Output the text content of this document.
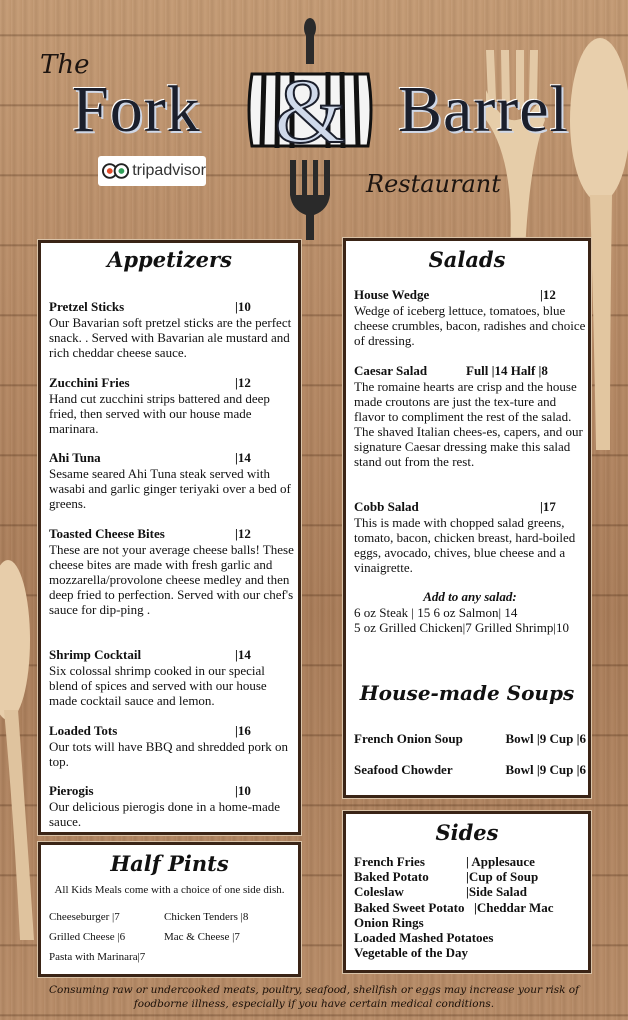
The &
Fork	Barrel
Restaurant
tripadvisor
Appetizers
Pretzel Sticks	|10
Our Bavarian soft pretzel sticks are the perfect snack. . Served with Bavarian ale mustard and rich cheddar cheese sauce.
Zucchini Fries	|12
Hand cut zucchini strips battered and deep fried, then served with our house made marinara.
Ahi Tuna	|14
Sesame seared Ahi Tuna steak served with wasabi and garlic ginger teriyaki over a bed of greens.
Toasted Cheese Bites	|12
These are not your average cheese balls! These cheese bites are made with fresh garlic and mozzarella/provolone cheese medley and then deep fried to perfection. Served with our chef's sauce for dip-ping .
Shrimp Cocktail	|14
Six colossal shrimp cooked in our special blend of spices and served with our house made cocktail sauce and lemon.
Loaded Tots	|16
Our tots will have BBQ and shredded pork on top.
Pierogis	|10
Our delicious pierogis done in a home-made sauce.
Salads
House Wedge	|12
Wedge of iceberg lettuce, tomatoes, blue cheese crumbles, bacon, radishes and choice of dressing.
Caesar Salad	Full |14 Half |8
The romaine hearts are crisp and the house made croutons are just the tex-ture and flavor to compliment the rest of the salad. The shaved Italian chees-es, capers, and our signature Caesar dressing make this salad stand out from the rest.
Cobb Salad	|17
This is made with chopped salad greens, tomato, bacon, chicken breast, hard-boiled eggs, avocado, chives, blue cheese and a vinaigrette.
Add to any salad:
6 oz Steak | 15 6 oz Salmon| 14
5 oz Grilled Chicken|7 Grilled Shrimp|10
House-made Soups
French Onion Soup	Bowl |9 Cup |6
Seafood Chowder	Bowl |9 Cup |6
Half Pints
All Kids Meals come with a choice of one side dish.
Cheeseburger |7	Chicken Tenders |8
Grilled Cheese |6	Mac & Cheese |7
Pasta with Marinara|7
Sides
French Fries	| Applesauce
Baked Potato	|Cup of Soup
Coleslaw	|Side Salad
Baked Sweet Potato |Cheddar Mac
Onion Rings
Loaded Mashed Potatoes
Vegetable of the Day
Consuming raw or undercooked meats, poultry, seafood, shellfish or eggs may increase your risk of foodborne illness, especially if you have certain medical conditions.
